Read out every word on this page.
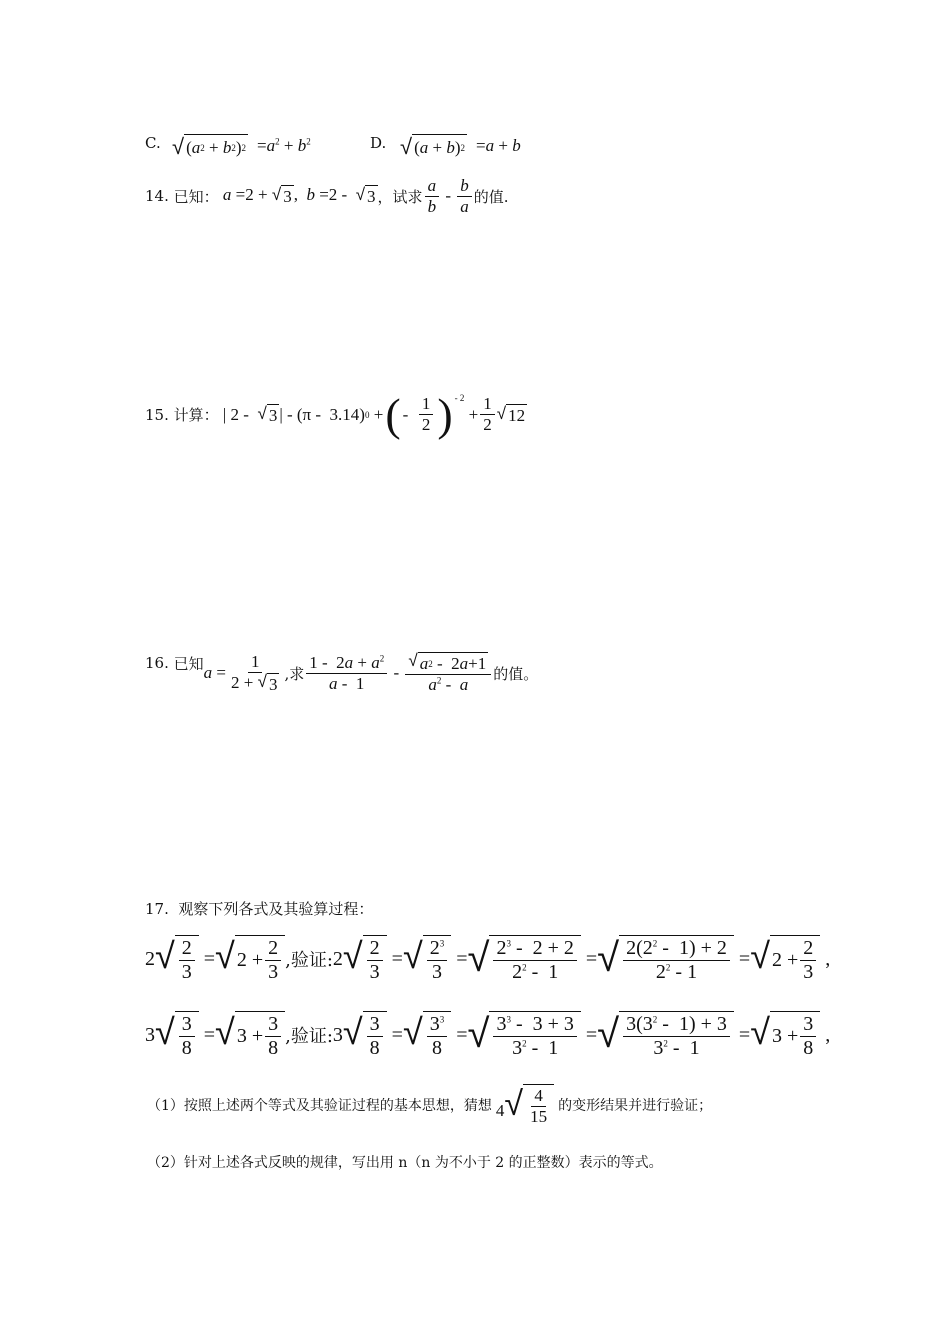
C. √ ( a 2 + b 2 ) $2 =a^2 + b^2$	D. √ ( a + b ) 2 =a + b
14.
已知： a =2 + √ 3 ,  b =2 - √ 3 ， 试求 $\frac{a}{b} - \frac{b}{a}$ 的值.
15.
计算： | 2 - √ 3 | - (π -  3.14) 0 + ( - $\frac{1}{2} )^{- 2}$
+ $\frac{1}{2}$ √ 12
16.
已知 $a = \frac{1}{2 + √ 3}$ ,求 $\frac{1 - 2a + a^2}{a - 1} - \frac{√ a 2 - 2 a +1}{a^2 - a}$ 的值。
17. 观察下列各式及其验算过程：
2 √ $\frac{2}{3}$ = √ $2 + \frac{2}{3}$ ,验证: 2 √ $\frac{2}{3}$ = √ $\frac{2^3}{3}$ = √ $\frac{2^3 - 2 + 2}{2^2 - 1}$ = √ $\frac{2(2^2 - 1) + 2}{2^2 - 1}$ = √ $2 + \frac{2}{3}$ ,
3 √ $\frac{3}{8}$ = √ $3 + \frac{3}{8}$ ,验证: 3 √ $\frac{3}{8}$ = √ $\frac{3^3}{8}$ = √ $\frac{3^3 - 3 + 3}{3^2 - 1}$ = √ $\frac{3(3^2 - 1) + 3}{3^2 - 1}$ = √ $3 + \frac{3}{8}$ ,
（1）按照上述两个等式及其验证过程的基本思想，猜想 4 √ $\frac{4}{15}$ 的变形结果并进行验证；
（2）针对上述各式反映的规律，写出用 n（n 为不小于 2 的正整数）表示的等式。
